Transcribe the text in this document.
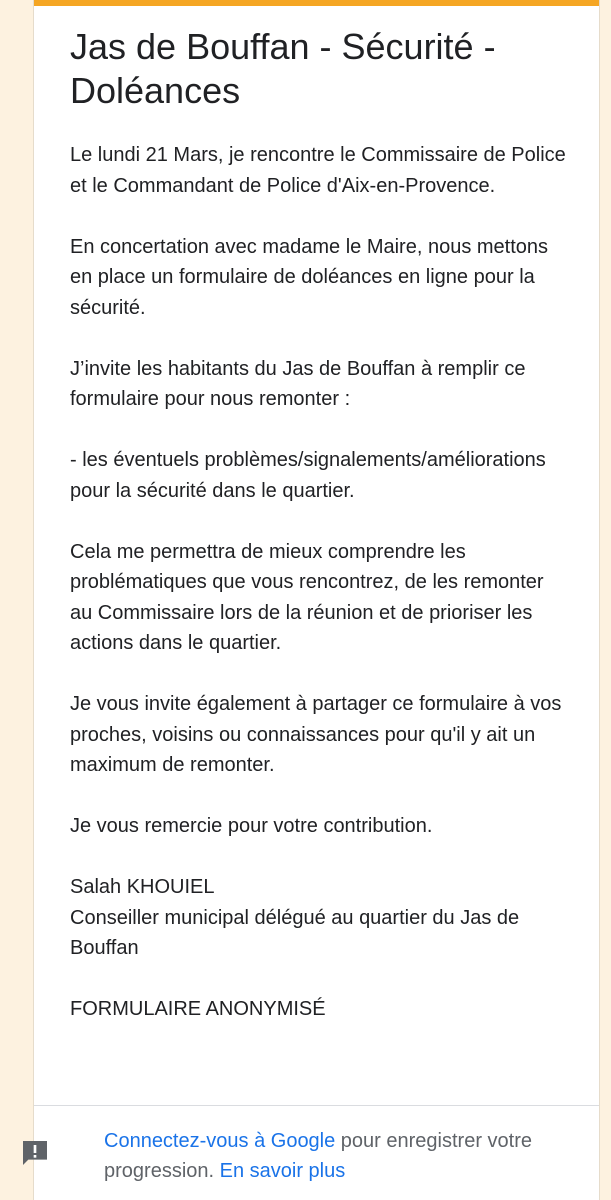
Jas de Bouffan - Sécurité - Doléances

Le lundi 21 Mars, je rencontre le Commissaire de Police et le Commandant de Police d'Aix-en-Provence.

En concertation avec madame le Maire, nous mettons en place un formulaire de doléances en ligne pour la sécurité.

J’invite les habitants du Jas de Bouffan à remplir ce formulaire pour nous remonter :

- les éventuels problèmes/signalements/améliorations pour la sécurité dans le quartier.

Cela me permettra de mieux comprendre les problématiques que vous rencontrez, de les remonter au Commissaire lors de la réunion et de prioriser les actions dans le quartier.

Je vous invite également à partager ce formulaire à vos proches, voisins ou connaissances pour qu'il y ait un maximum de remonter.

Je vous remercie pour votre contribution.

Salah KHOUIEL
Conseiller municipal délégué au quartier du Jas de Bouffan

FORMULAIRE ANONYMISÉ

Connectez-vous à Google pour enregistrer votre progression. En savoir plus
